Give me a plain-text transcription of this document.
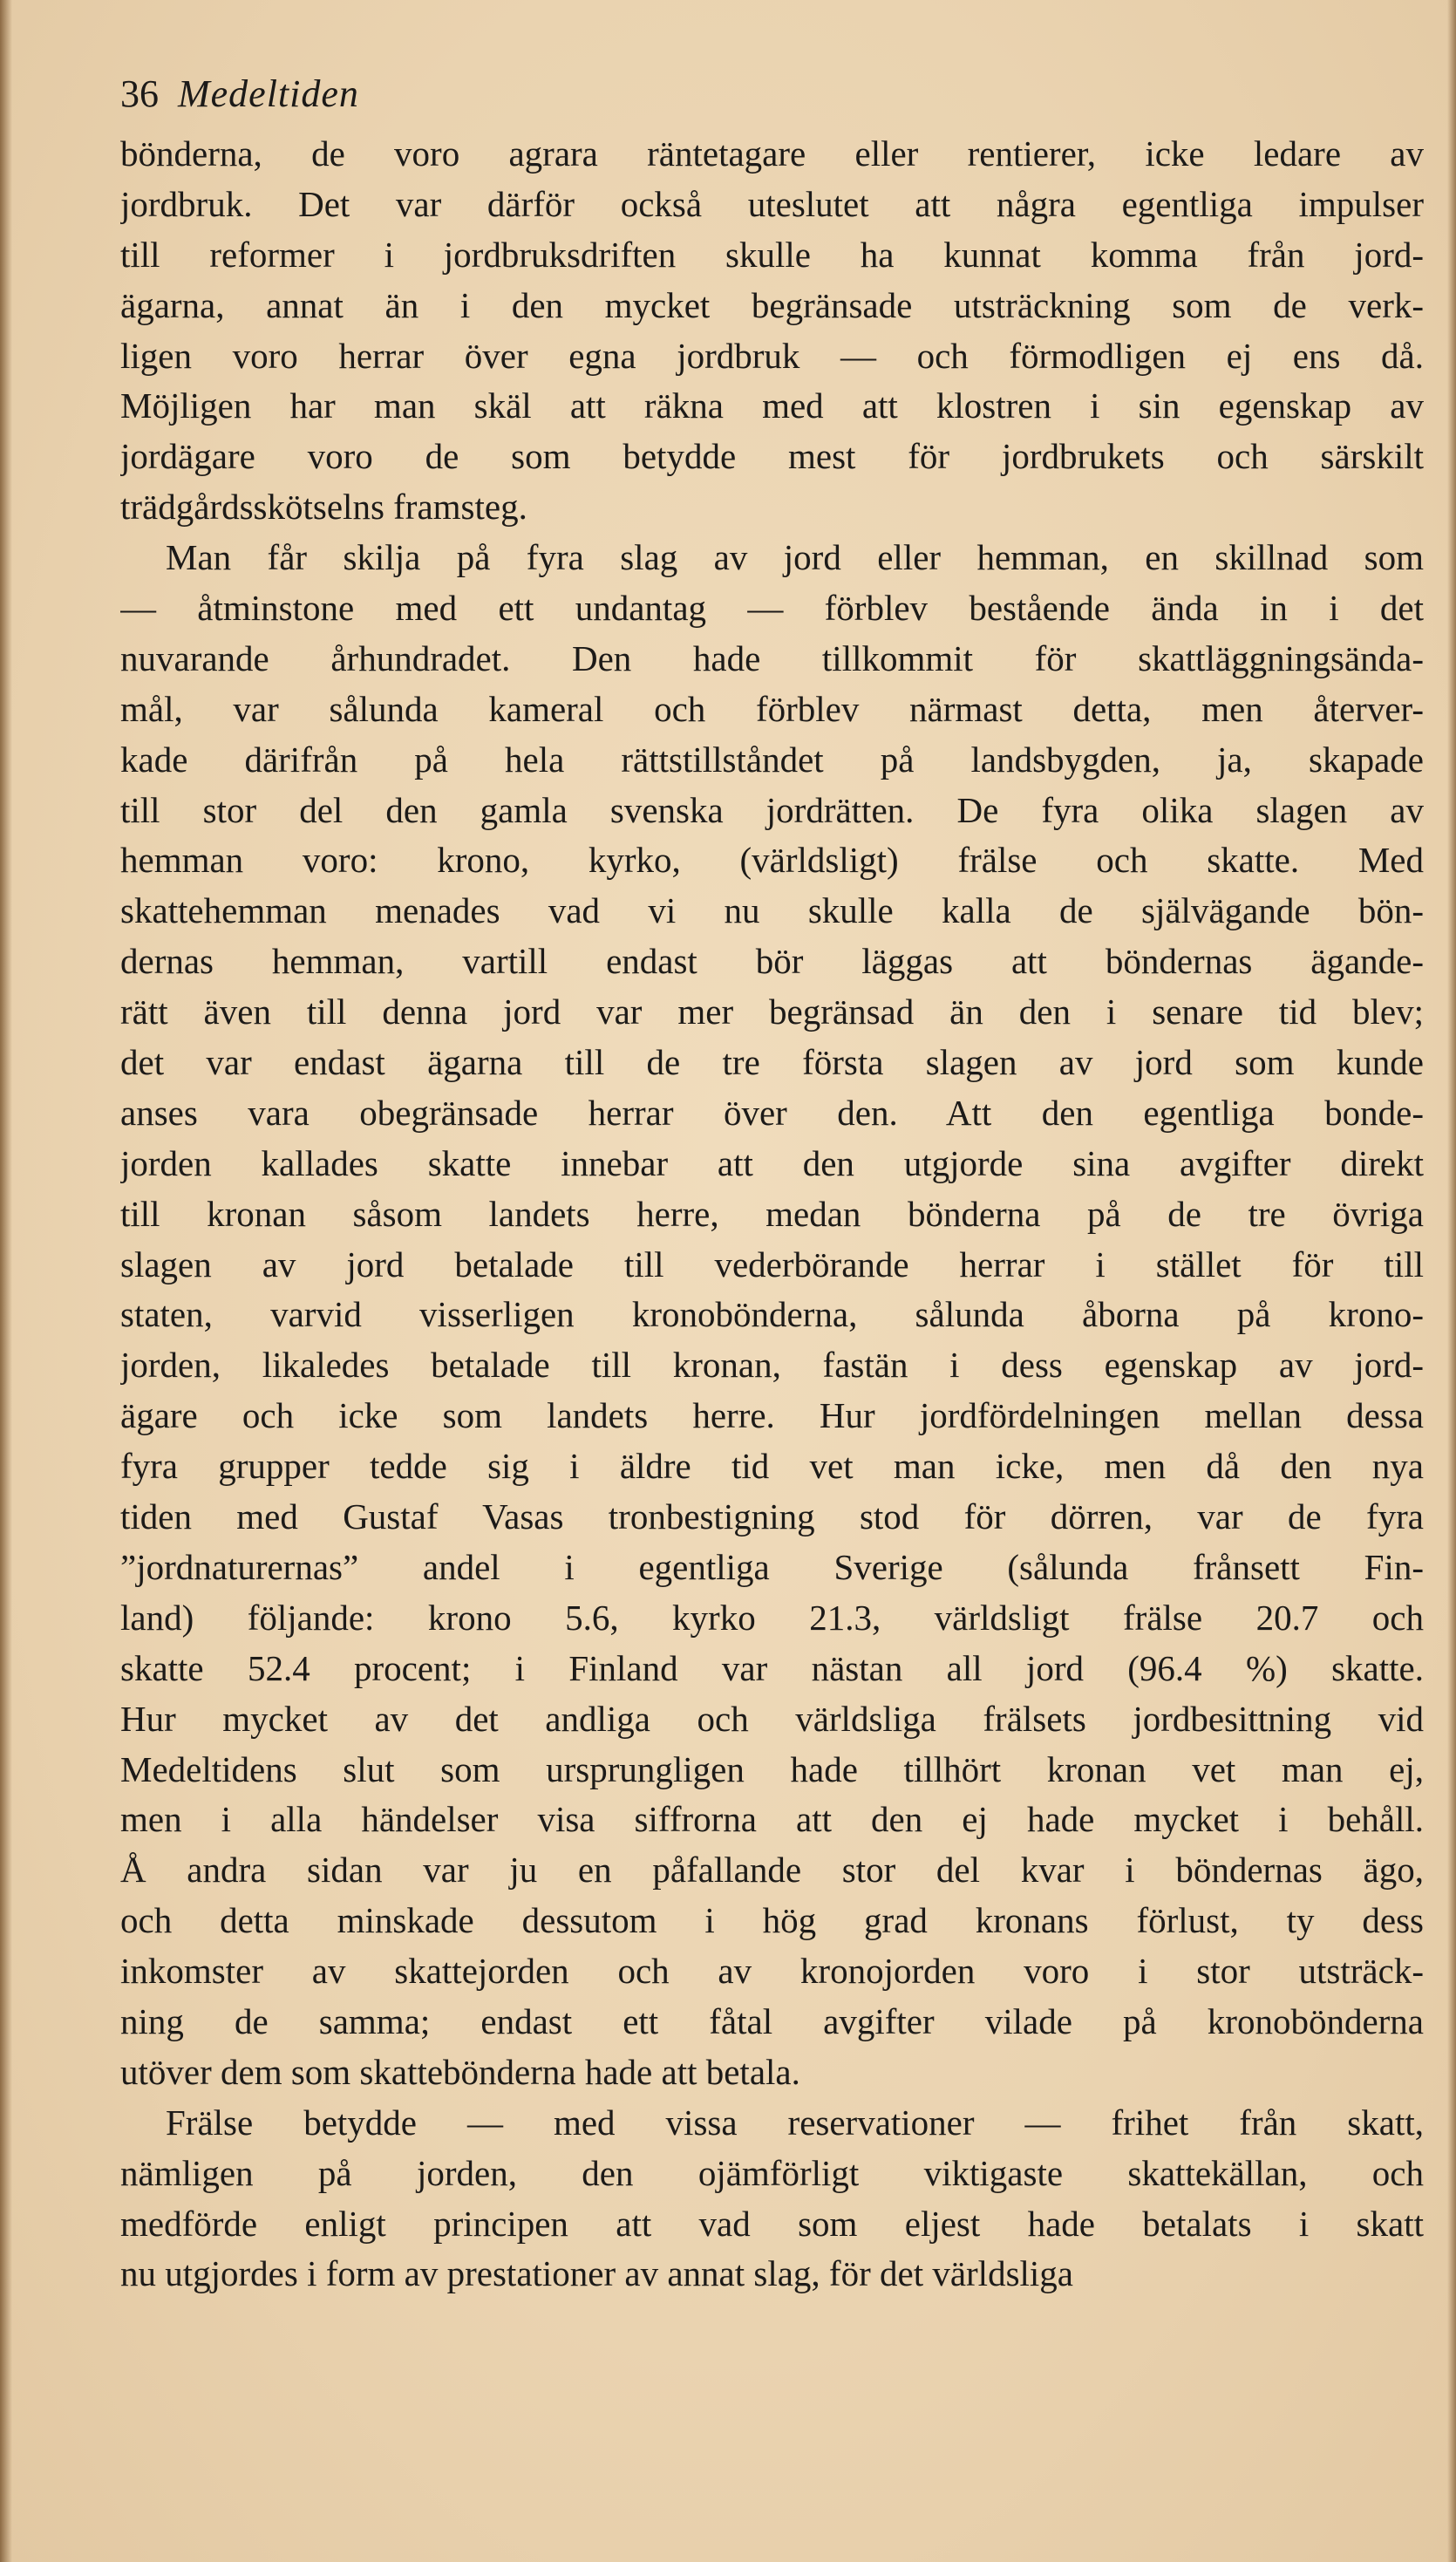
36 Medeltiden
bönderna, de voro agrara räntetagare eller rentierer, icke ledare av
jordbruk. Det var därför också uteslutet att några egentliga impulser
till reformer i jordbruksdriften skulle ha kunnat komma från jord-
ägarna, annat än i den mycket begränsade utsträckning som de verk-
ligen voro herrar över egna jordbruk — och förmodligen ej ens då.
Möjligen har man skäl att räkna med att klostren i sin egenskap av
jordägare voro de som betydde mest för jordbrukets och särskilt
trädgårdsskötselns framsteg.
Man får skilja på fyra slag av jord eller hemman, en skillnad som
— åtminstone med ett undantag — förblev bestående ända in i det
nuvarande århundradet. Den hade tillkommit för skattläggningsända-
mål, var sålunda kameral och förblev närmast detta, men återver-
kade därifrån på hela rättstillståndet på landsbygden, ja, skapade
till stor del den gamla svenska jordrätten. De fyra olika slagen av
hemman voro: krono, kyrko, (världsligt) frälse och skatte. Med
skattehemman menades vad vi nu skulle kalla de självägande bön-
dernas hemman, vartill endast bör läggas att böndernas ägande-
rätt även till denna jord var mer begränsad än den i senare tid blev;
det var endast ägarna till de tre första slagen av jord som kunde
anses vara obegränsade herrar över den. Att den egentliga bonde-
jorden kallades skatte innebar att den utgjorde sina avgifter direkt
till kronan såsom landets herre, medan bönderna på de tre övriga
slagen av jord betalade till vederbörande herrar i stället för till
staten, varvid visserligen kronobönderna, sålunda åborna på krono-
jorden, likaledes betalade till kronan, fastän i dess egenskap av jord-
ägare och icke som landets herre. Hur jordfördelningen mellan dessa
fyra grupper tedde sig i äldre tid vet man icke, men då den nya
tiden med Gustaf Vasas tronbestigning stod för dörren, var de fyra
”jordnaturernas” andel i egentliga Sverige (sålunda frånsett Fin-
land) följande: krono 5.6, kyrko 21.3, världsligt frälse 20.7 och
skatte 52.4 procent; i Finland var nästan all jord (96.4 %) skatte.
Hur mycket av det andliga och världsliga frälsets jordbesittning vid
Medeltidens slut som ursprungligen hade tillhört kronan vet man ej,
men i alla händelser visa siffrorna att den ej hade mycket i behåll.
Å andra sidan var ju en påfallande stor del kvar i böndernas ägo,
och detta minskade dessutom i hög grad kronans förlust, ty dess
inkomster av skattejorden och av kronojorden voro i stor utsträck-
ning de samma; endast ett fåtal avgifter vilade på kronobönderna
utöver dem som skattebönderna hade att betala.
Frälse betydde — med vissa reservationer — frihet från skatt,
nämligen på jorden, den ojämförligt viktigaste skattekällan, och
medförde enligt principen att vad som eljest hade betalats i skatt
nu utgjordes i form av prestationer av annat slag, för det världsliga
